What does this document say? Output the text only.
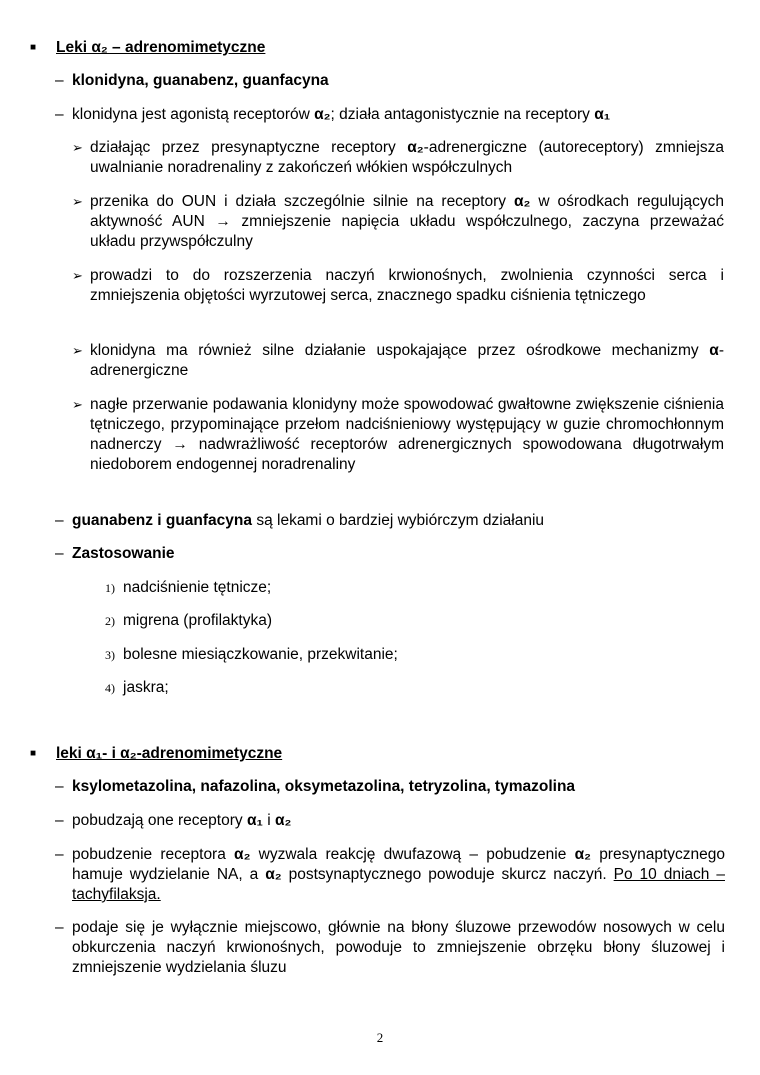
■ Leki α₂ – adrenomimetyczne
– klonidyna, guanabenz, guanfacyna
– klonidyna jest agonistą receptorów α₂; działa antagonistycznie na receptory α₁
➢ działając przez presynaptyczne receptory α₂-adrenergiczne (autoreceptory) zmniejsza uwalnianie noradrenaliny z zakończeń włókien współczulnych
➢ przenika do OUN i działa szczególnie silnie na receptory α₂ w ośrodkach regulujących aktywność AUN → zmniejszenie napięcia układu współczulnego, zaczyna przeważać układu przywspółczulny
➢ prowadzi to do rozszerzenia naczyń krwionośnych, zwolnienia czynności serca i zmniejszenia objętości wyrzutowej serca, znacznego spadku ciśnienia tętniczego
➢ klonidyna ma również silne działanie uspokajające przez ośrodkowe mechanizmy α-adrenergiczne
➢ nagłe przerwanie podawania klonidyny może spowodować gwałtowne zwiększenie ciśnienia tętniczego, przypominające przełom nadciśnieniowy występujący w guzie chromochłonnym nadnerczy → nadwrażliwość receptorów adrenergicznych spowodowana długotrwałym niedoborem endogennej noradrenaliny
– guanabenz i guanfacyna są lekami o bardziej wybiórczym działaniu
– Zastosowanie
1) nadciśnienie tętnicze;
2) migrena (profilaktyka)
3) bolesne miesiączkowanie, przekwitanie;
4) jaskra;
■ leki α₁- i α₂-adrenomimetyczne
– ksylometazolina, nafazolina, oksymetazolina, tetryzolina, tymazolina
– pobudzają one receptory α₁ i α₂
– pobudzenie receptora α₂ wyzwala reakcję dwufazową – pobudzenie α₂ presynaptycznego hamuje wydzielanie NA, a α₂ postsynaptycznego powoduje skurcz naczyń. Po 10 dniach – tachyfilaksja.
– podaje się je wyłącznie miejscowo, głównie na błony śluzowe przewodów nosowych w celu obkurczenia naczyń krwionośnych, powoduje to zmniejszenie obrzęku błony śluzowej i zmniejszenie wydzielania śluzu
2
